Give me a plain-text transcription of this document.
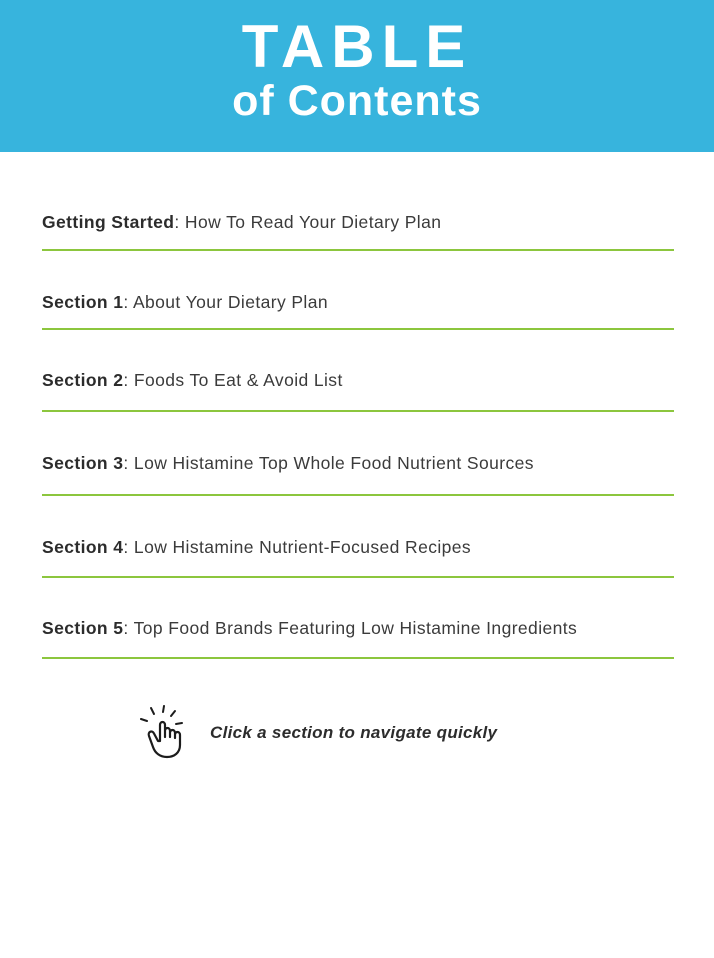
TABLE
of Contents
Getting Started: How To Read Your Dietary Plan
Section 1: About Your Dietary Plan
Section 2: Foods To Eat & Avoid List
Section 3: Low Histamine Top Whole Food Nutrient Sources
Section 4: Low Histamine Nutrient-Focused Recipes
Section 5: Top Food Brands Featuring Low Histamine Ingredients
Click a section to navigate quickly
